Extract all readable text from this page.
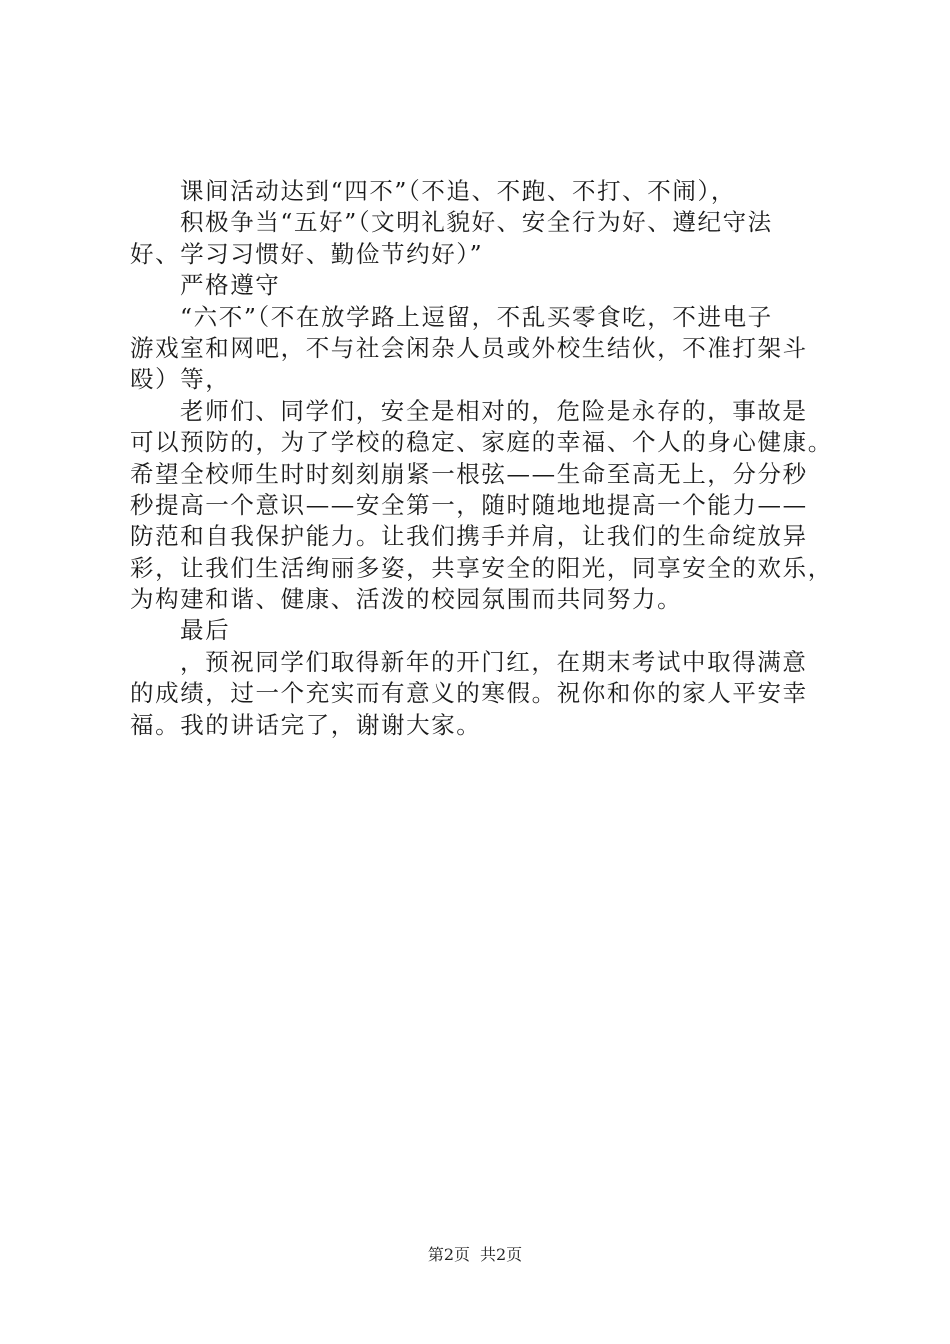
课间活动达到“四不”（不追、不跑、不打、不闹），
积极争当“五好”（文明礼貌好、安全行为好、遵纪守法
好、学习习惯好、勤俭节约好）”
严格遵守
“六不”（不在放学路上逗留，不乱买零食吃，不进电子
游戏室和网吧，不与社会闲杂人员或外校生结伙，不准打架斗
殴）等，
老师们、同学们，安全是相对的，危险是永存的，事故是
可以预防的，为了学校的稳定、家庭的幸福、个人的身心健康。
希望全校师生时时刻刻崩紧一根弦——生命至高无上，分分秒
秒提高一个意识——安全第一，随时随地地提高一个能力——
防范和自我保护能力。让我们携手并肩，让我们的生命绽放异
彩，让我们生活绚丽多姿，共享安全的阳光，同享安全的欢乐，
为构建和谐、健康、活泼的校园氛围而共同努力。
最后
，预祝同学们取得新年的开门红，在期末考试中取得满意
的成绩，过一个充实而有意义的寒假。祝你和你的家人平安幸
福。我的讲话完了，谢谢大家。
第2页 共2页
